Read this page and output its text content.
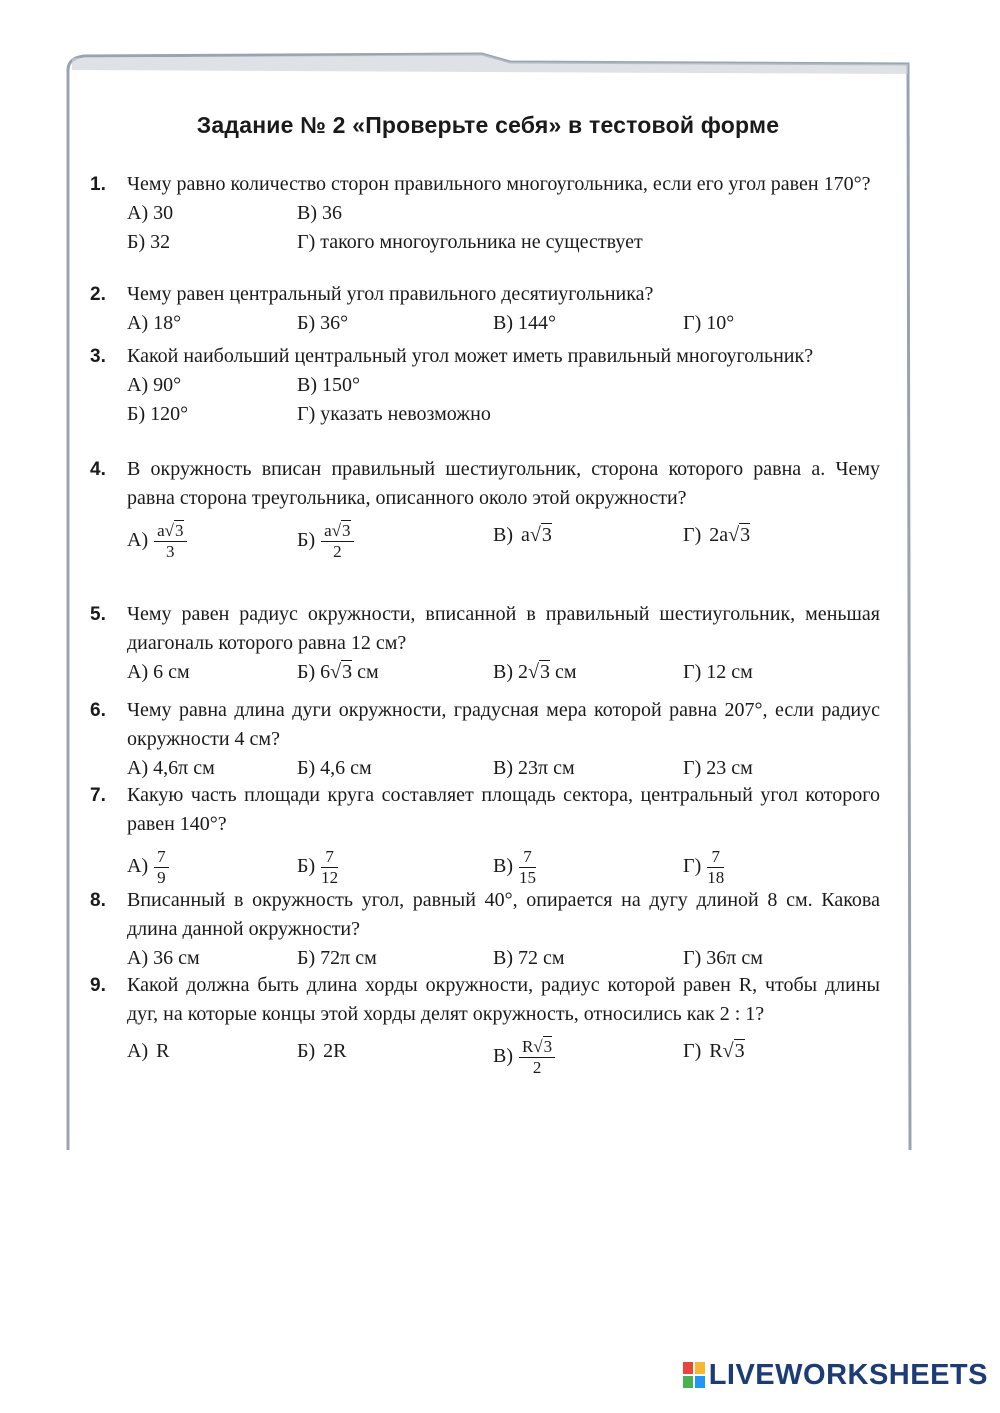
Задание № 2 «Проверьте себя» в тестовой форме
1. Чему равно количество сторон правильного многоугольника, если его угол равен 170°?
А) 30	В) 36
Б) 32	Г) такого многоугольника не существует
2. Чему равен центральный угол правильного десятиугольника?
А) 18°	Б) 36°	В) 144°	Г) 10°
3. Какой наибольший центральный угол может иметь правильный многоугольник?
А) 90°	В) 150°
Б) 120°	Г) указать невозможно
4. В окружность вписан правильный шестиугольник, сторона которого равна a. Чему равна сторона треугольника, описанного около этой окружности?
$А) \frac{a√3}{3}$	$Б) \frac{a√3}{2}$	В) a√3	Г) 2a√3
5. Чему равен радиус окружности, вписанной в правильный шестиугольник, меньшая диагональ которого равна 12 см?
А) 6 см	Б) 6√3 см	В) 2√3 см	Г) 12 см
6. Чему равна длина дуги окружности, градусная мера которой равна 207°, если радиус окружности 4 см?
А) 4,6π см	Б) 4,6 см	В) 23π см	Г) 23 см
7. Какую часть площади круга составляет площадь сектора, центральный угол которого равен 140°?
$А) \frac{7}{9}$	$Б) \frac{7}{12}$	$В) \frac{7}{15}$	$Г) \frac{7}{18}$
8. Вписанный в окружность угол, равный 40°, опирается на дугу длиной 8 см. Какова длина данной окружности?
А) 36 см	Б) 72π см	В) 72 см	Г) 36π см
9. Какой должна быть длина хорды окружности, радиус которой равен R, чтобы длины дуг, на которые концы этой хорды делят окружность, относились как 2 : 1?
А) R	Б) 2R	$В) \frac{R√3}{2}$	Г) R√3
LIVEWORKSHEETS
